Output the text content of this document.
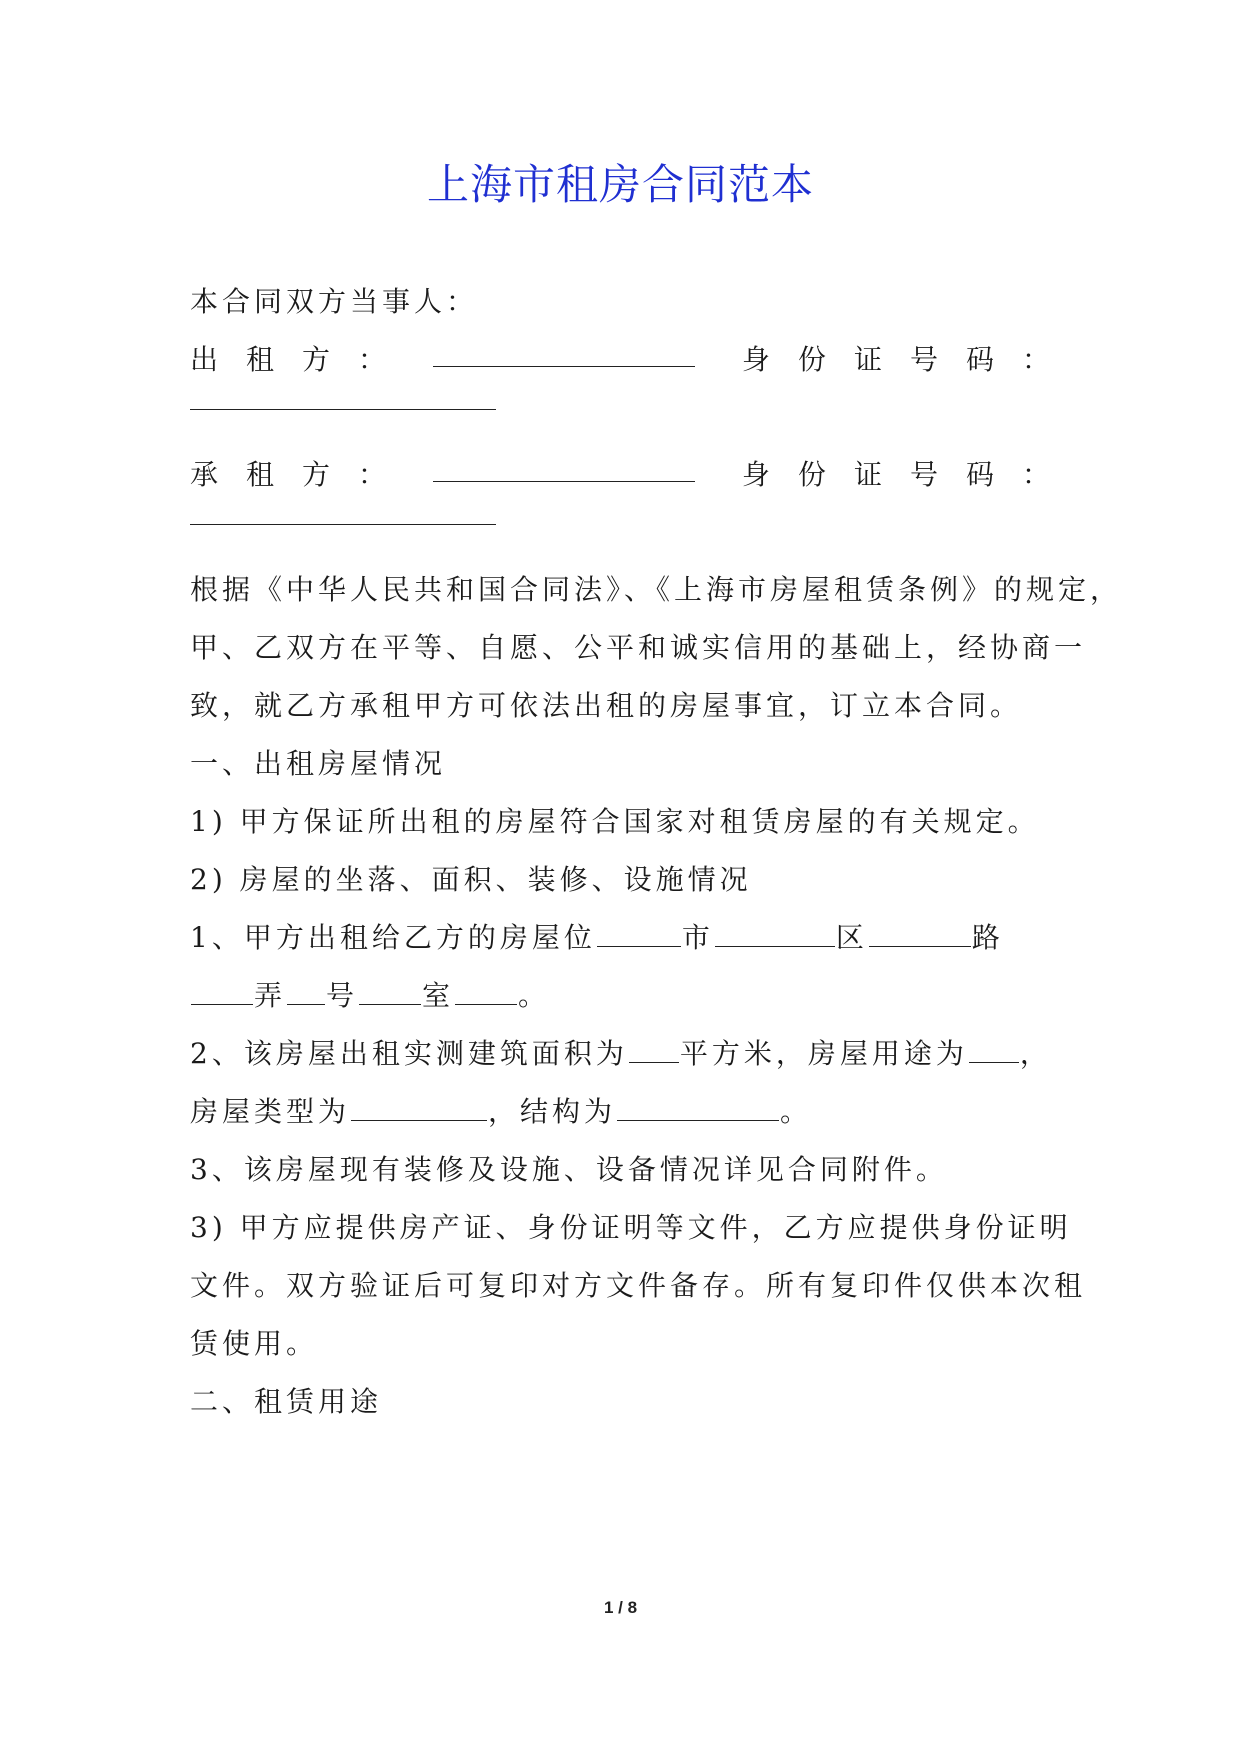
上海市租房合同范本
本合同双方当事人：
出 租 方 ：	身 份 证 号 码 ：
承 租 方 ：	身 份 证 号 码 ：
根据《中华人民共和国合同法》、《上海市房屋租赁条例》的规定，
甲、乙双方在平等、自愿、公平和诚实信用的基础上，经协商一
致，就乙方承租甲方可依法出租的房屋事宜，订立本合同。
一、出租房屋情况
1) 甲方保证所出租的房屋符合国家对租赁房屋的有关规定。
2) 房屋的坐落、面积、装修、设施情况
1、甲方出租给乙方的房屋位	市	区	路
弄 号 室 。
2、该房屋出租实测建筑面积为 平方米，房屋用途为 ，
房屋类型为	，结构为	。
3、该房屋现有装修及设施、设备情况详见合同附件。
3) 甲方应提供房产证、身份证明等文件，乙方应提供身份证明
文件。双方验证后可复印对方文件备存。所有复印件仅供本次租
赁使用。
二、租赁用途
1 / 8
